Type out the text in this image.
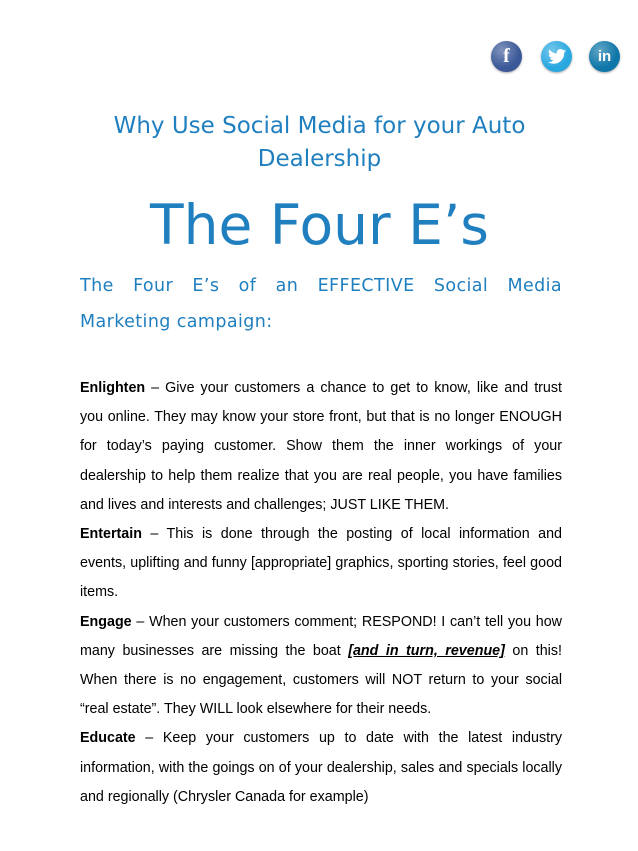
f	in
Why Use Social Media for your Auto Dealership
The Four E’s

The Four E’s of an EFFECTIVE Social Media Marketing campaign:

Enlighten – Give your customers a chance to get to know, like and trust you online. They may know your store front, but that is no longer ENOUGH for today’s paying customer. Show them the inner workings of your dealership to help them realize that you are real people, you have families and lives and interests and challenges; JUST LIKE THEM.

Entertain – This is done through the posting of local information and events, uplifting and funny [appropriate] graphics, sporting stories, feel good items.

Engage – When your customers comment; RESPOND! I can’t tell you how many businesses are missing the boat [and in turn, revenue] on this! When there is no engagement, customers will NOT return to your social “real estate”. They WILL look elsewhere for their needs.

Educate – Keep your customers up to date with the latest industry information, with the goings on of your dealership, sales and specials locally and regionally (Chrysler Canada for example)
